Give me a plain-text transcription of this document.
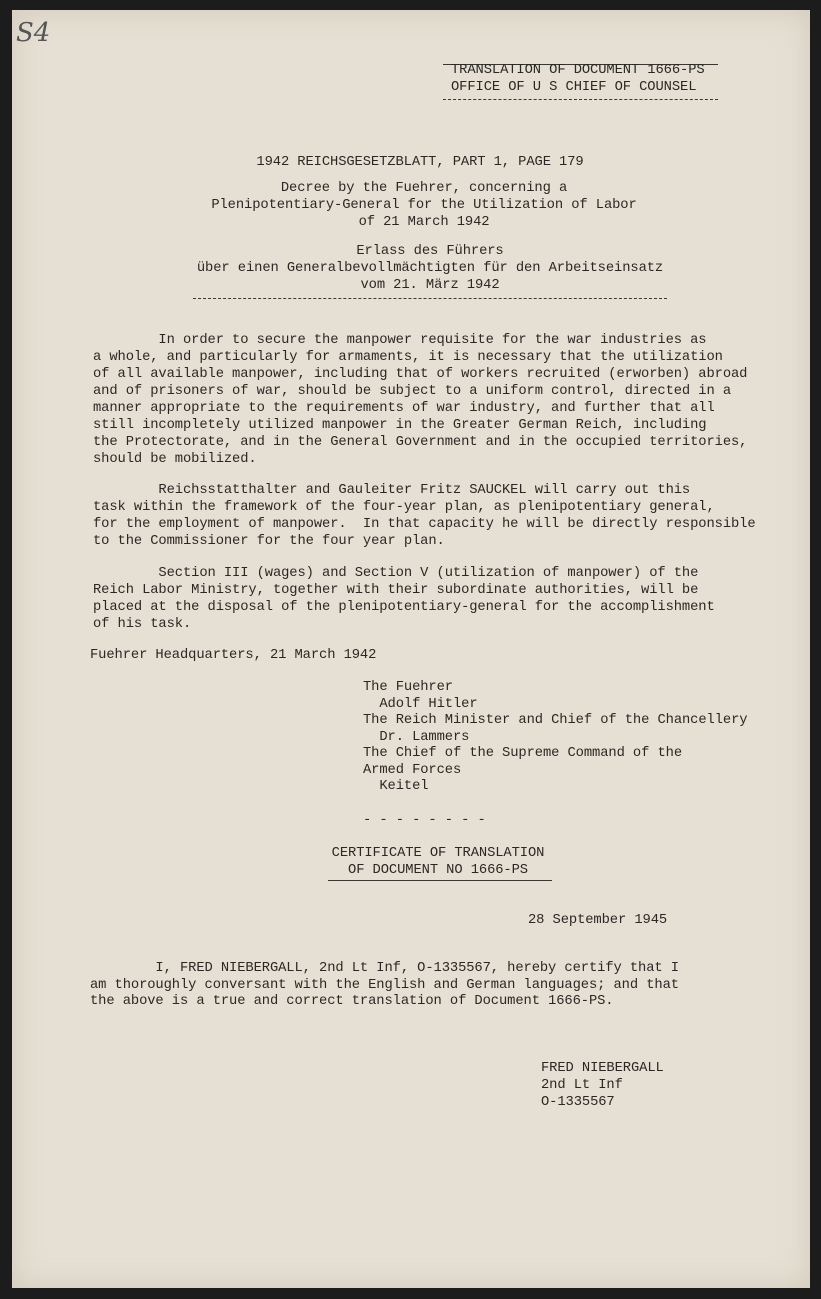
S4
TRANSLATION OF DOCUMENT 1666-PS
OFFICE OF U S CHIEF OF COUNSEL
1942 REICHSGESETZBLATT, PART 1, PAGE 179
Decree by the Fuehrer, concerning a
Plenipotentiary-General for the Utilization of Labor
of 21 March 1942
Erlass des Führers
über einen Generalbevollmächtigten für den Arbeitseinsatz
vom 21. März 1942
In order to secure the manpower requisite for the war industries as
a whole, and particularly for armaments, it is necessary that the utilization
of all available manpower, including that of workers recruited (erworben) abroad
and of prisoners of war, should be subject to a uniform control, directed in a
manner appropriate to the requirements of war industry, and further that all
still incompletely utilized manpower in the Greater German Reich, including
the Protectorate, and in the General Government and in the occupied territories,
should be mobilized.
Reichsstatthalter and Gauleiter Fritz SAUCKEL will carry out this
task within the framework of the four-year plan, as plenipotentiary general,
for the employment of manpower.  In that capacity he will be directly responsible
to the Commissioner for the four year plan.
Section III (wages) and Section V (utilization of manpower) of the
Reich Labor Ministry, together with their subordinate authorities, will be
placed at the disposal of the plenipotentiary-general for the accomplishment
of his task.
Fuehrer Headquarters, 21 March 1942
The Fuehrer
Adolf Hitler
The Reich Minister and Chief of the Chancellery
Dr. Lammers
The Chief of the Supreme Command of the
Armed Forces
Keitel
- - - - - - - -
CERTIFICATE OF TRANSLATION
OF DOCUMENT NO 1666-PS
28 September 1945
I, FRED NIEBERGALL, 2nd Lt Inf, O-1335567, hereby certify that I
am thoroughly conversant with the English and German languages; and that
the above is a true and correct translation of Document 1666-PS.
FRED NIEBERGALL
2nd Lt Inf
O-1335567
